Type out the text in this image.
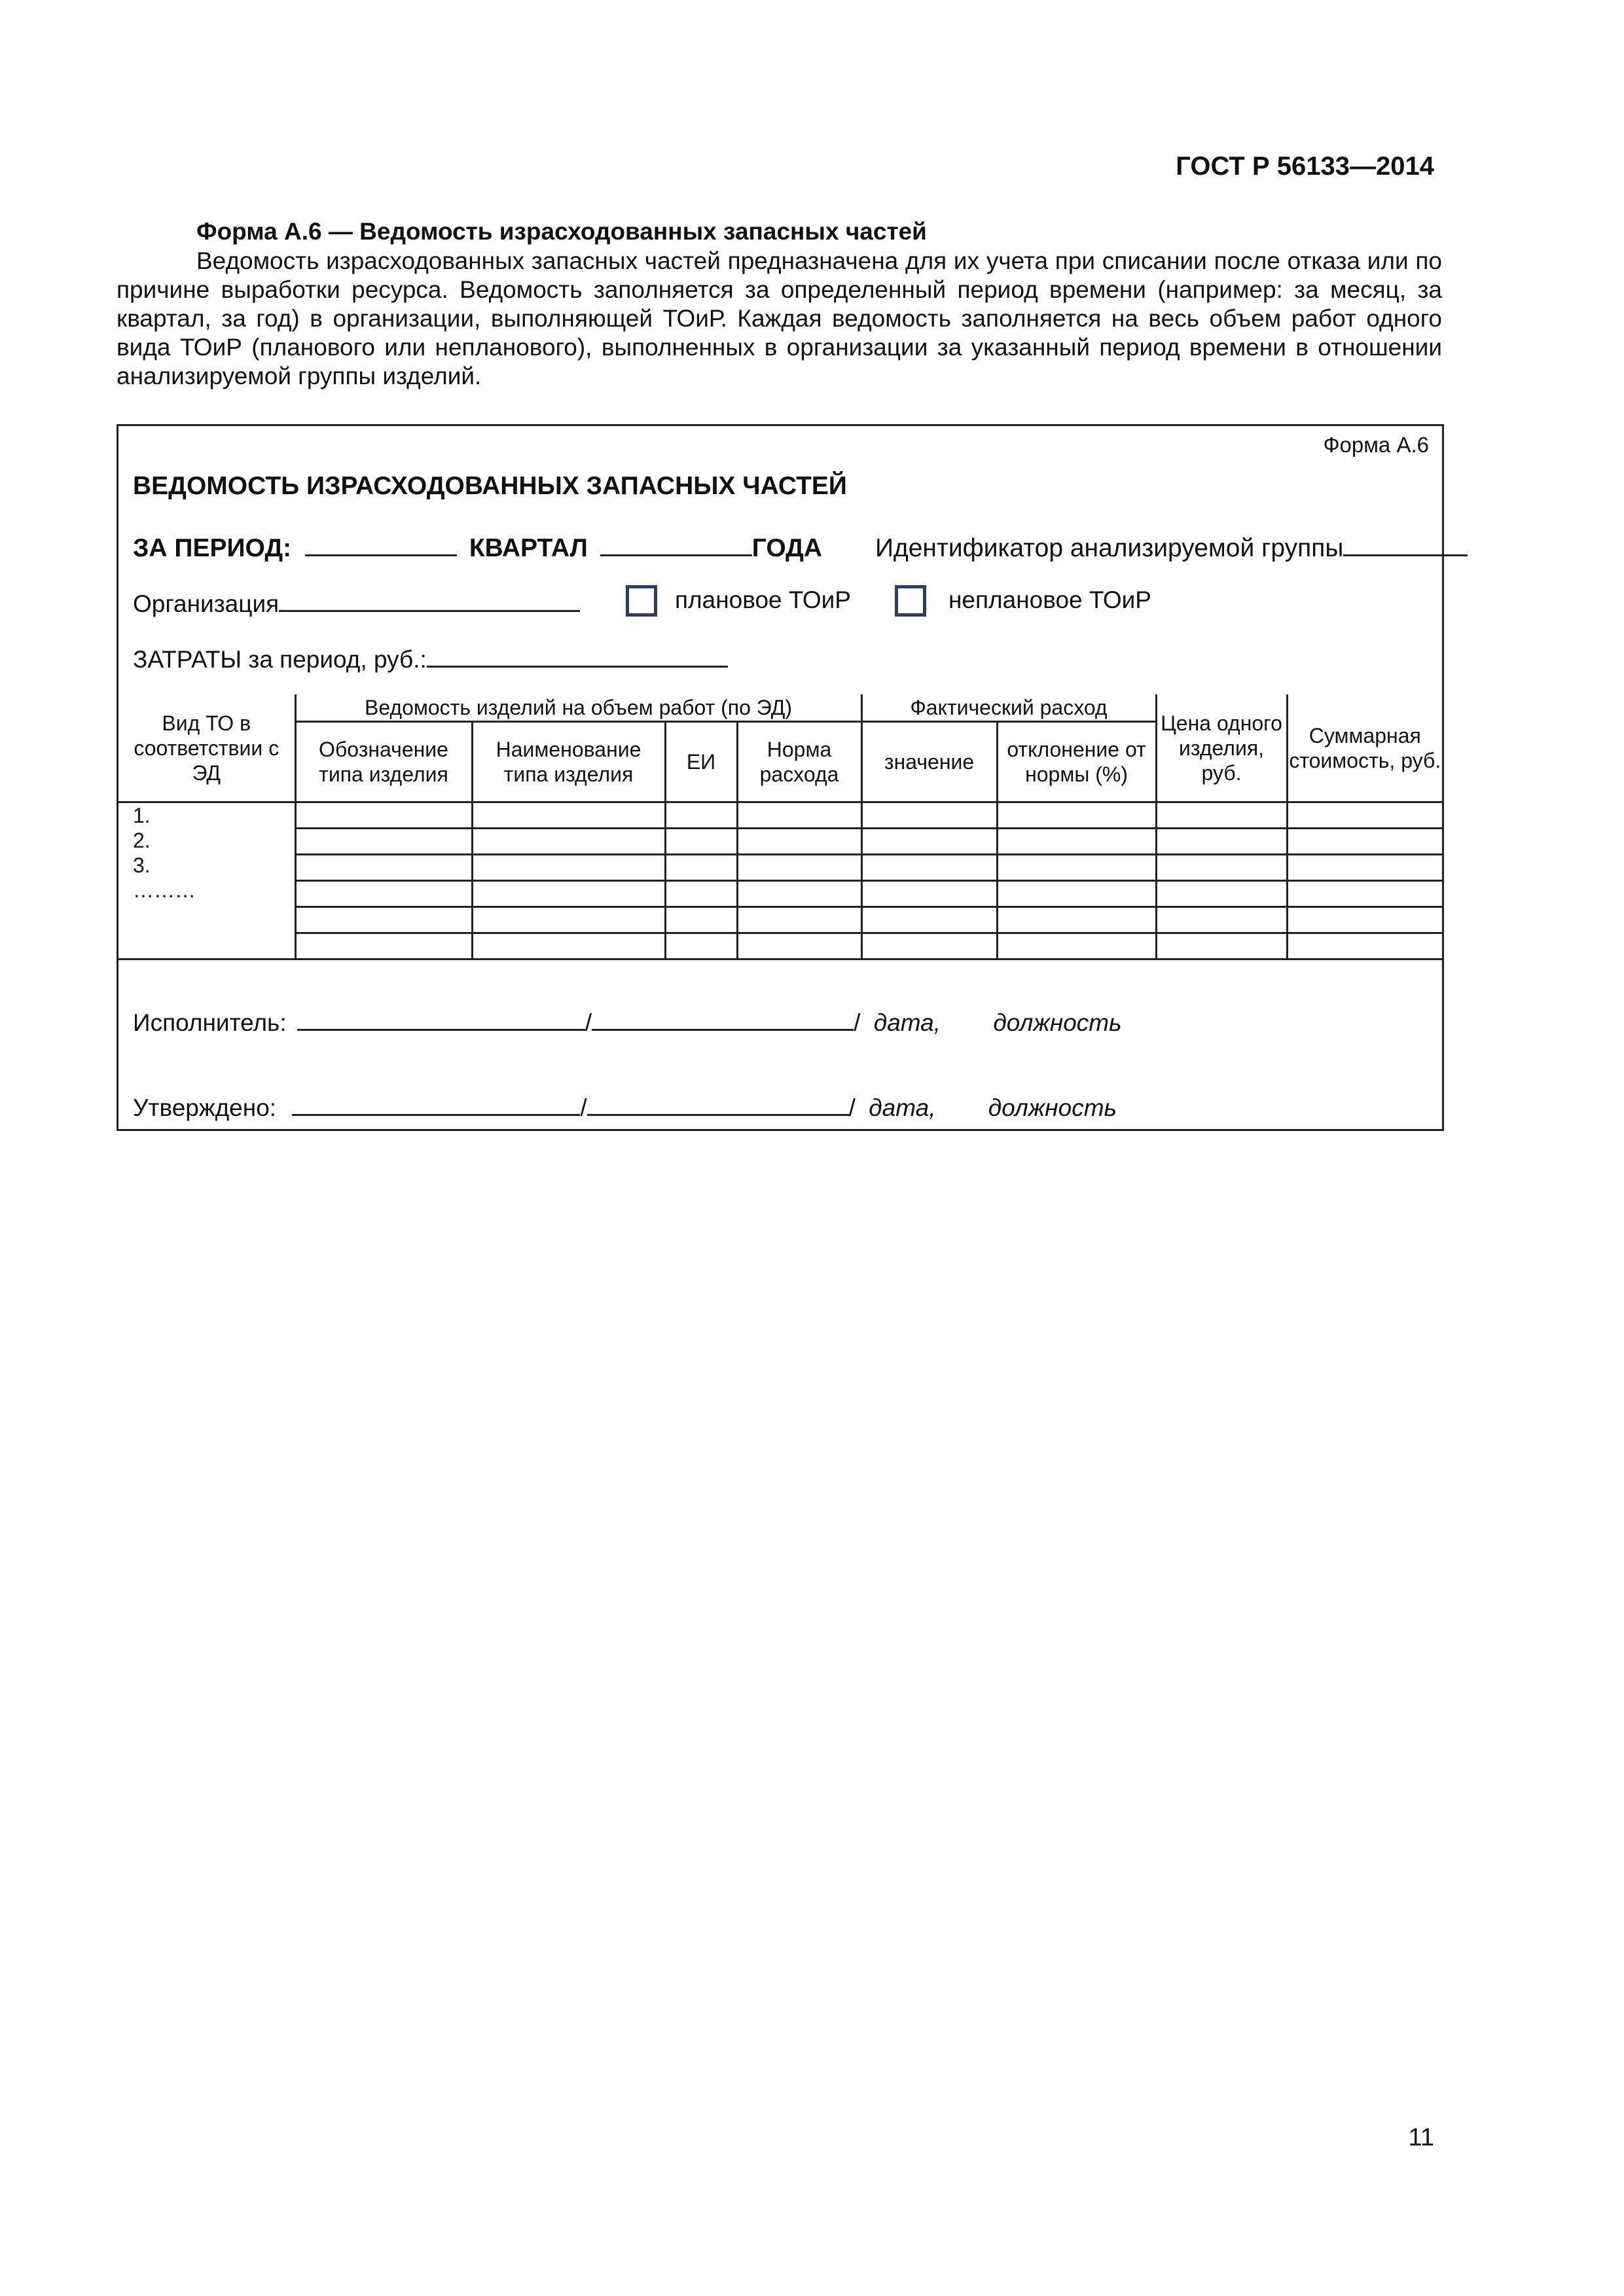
ГОСТ Р 56133—2014
Форма А.6 — Ведомость израсходованных запасных частей

Ведомость израсходованных запасных частей предназначена для их учета при списании после отказа или по причине выработки ресурса. Ведомость заполняется за определенный период времени (например: за месяц, за квартал, за год) в организации, выполняющей ТОиР. Каждая ведомость заполняется на весь объем работ одного вида ТОиР (планового или непланового), выполненных в организации за указанный период времени в отношении анализируемой группы изделий.

Форма А.6
ВЕДОМОСТЬ ИЗРАСХОДОВАННЫХ ЗАПАСНЫХ ЧАСТЕЙ
ЗА ПЕРИОД:	КВАРТАЛ	ГОДА Идентификатор анализируемой группы
Организация	плановое ТОиР	неплановое ТОиР
ЗАТРАТЫ за период, руб.:
Вид ТО в соответствии с ЭД	Ведомость изделий на объем работ (по ЭД)				Фактический расход		Цена одного изделия, руб.	Суммарная стоимость, руб.
	Обозначение типа изделия	Наименование типа изделия	ЕИ	Норма расхода	значение	отклонение от нормы (%)		

1.
2.
3.
………								

Исполнитель:	/	/ дата, должность
Утверждено:	/	/ дата, должность
11
